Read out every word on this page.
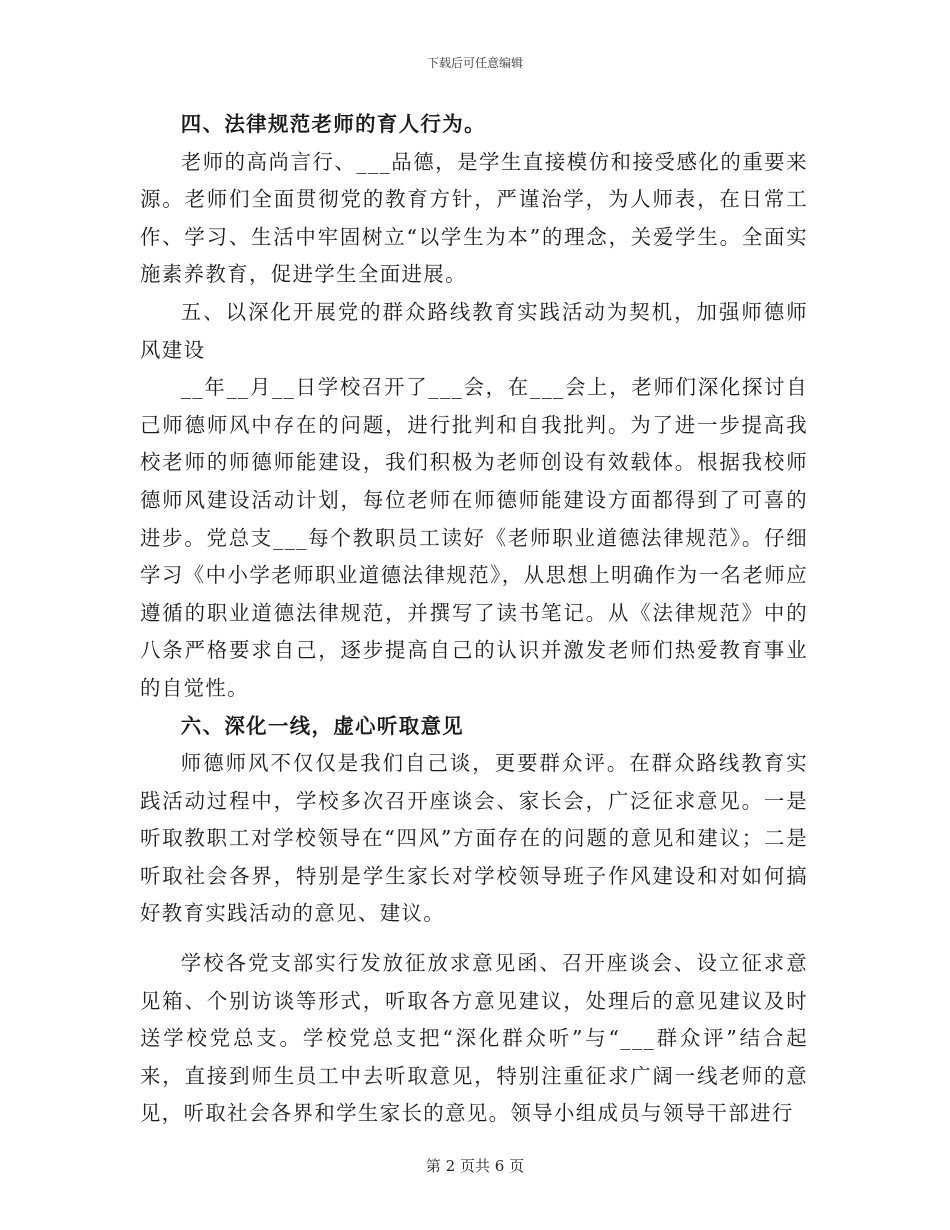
下载后可任意编辑

四、法律规范老师的育人行为。

老师的高尚言行、___品德，是学生直接模仿和接受感化的重要来源。老师们全面贯彻党的教育方针，严谨治学，为人师表，在日常工作、学习、生活中牢固树立“以学生为本”的理念，关爱学生。全面实施素养教育，促进学生全面进展。

五、以深化开展党的群众路线教育实践活动为契机，加强师德师风建设

__年__月__日学校召开了___会，在___会上，老师们深化探讨自己师德师风中存在的问题，进行批判和自我批判。为了进一步提高我校老师的师德师能建设，我们积极为老师创设有效载体。根据我校师德师风建设活动计划，每位老师在师德师能建设方面都得到了可喜的进步。党总支___每个教职员工读好《老师职业道德法律规范》。仔细学习《中小学老师职业道德法律规范》，从思想上明确作为一名老师应遵循的职业道德法律规范，并撰写了读书笔记。从《法律规范》中的八条严格要求自己，逐步提高自己的认识并激发老师们热爱教育事业的自觉性。

六、深化一线，虚心听取意见

师德师风不仅仅是我们自己谈，更要群众评。在群众路线教育实践活动过程中，学校多次召开座谈会、家长会，广泛征求意见。一是听取教职工对学校领导在“四风”方面存在的问题的意见和建议；二是听取社会各界，特别是学生家长对学校领导班子作风建设和对如何搞好教育实践活动的意见、建议。

学校各党支部实行发放征放求意见函、召开座谈会、设立征求意见箱、个别访谈等形式，听取各方意见建议，处理后的意见建议及时送学校党总支。学校党总支把“深化群众听”与“___群众评”结合起来，直接到师生员工中去听取意见，特别注重征求广阔一线老师的意见，听取社会各界和学生家长的意见。领导小组成员与领导干部进行

第 2 页共 6 页
